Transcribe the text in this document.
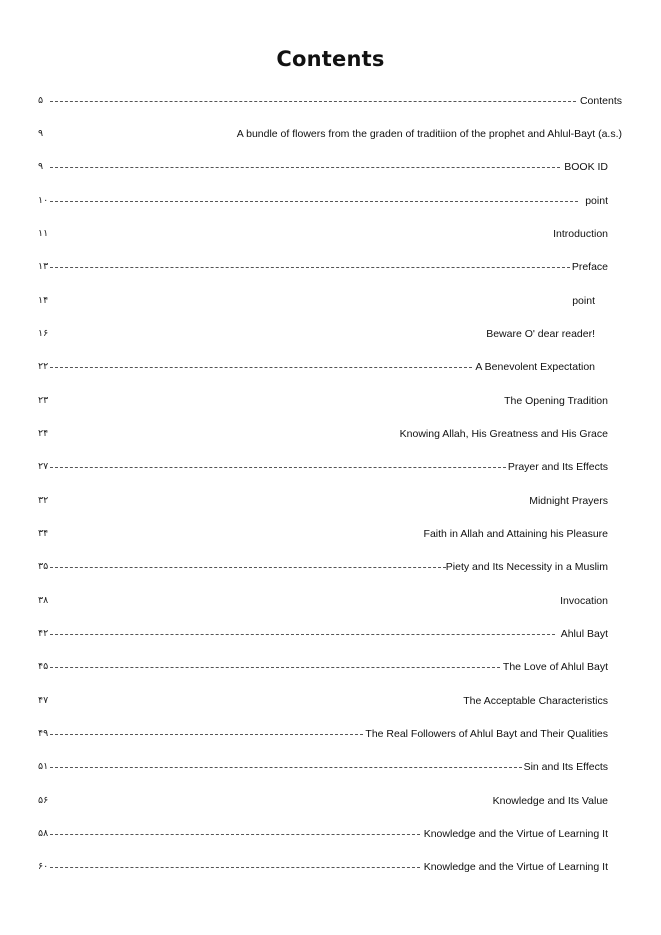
Contents
۵	Contents
۹	A bundle of flowers from the graden of traditiion of the prophet and Ahlul-Bayt (a.s.)
۹	BOOK ID
۱۰	point
۱۱	Introduction
۱۳	Preface
۱۴	point
۱۶	Beware O' dear reader!
۲۲	A Benevolent Expectation
۲۳	The Opening Tradition
۲۴	Knowing Allah, His Greatness and His Grace
۲۷	Prayer and Its Effects
۳۲	Midnight Prayers
۳۴	Faith in Allah and Attaining his Pleasure
۳۵	Piety and Its Necessity in a Muslim
۳۸	Invocation
۴۲	Ahlul Bayt
۴۵	The Love of Ahlul Bayt
۴۷	The Acceptable Characteristics
۴۹	The Real Followers of Ahlul Bayt and Their Qualities
۵۱	Sin and Its Effects
۵۶	Knowledge and Its Value
۵۸	Knowledge and the Virtue of Learning It
۶۰	Knowledge and the Virtue of Learning It
